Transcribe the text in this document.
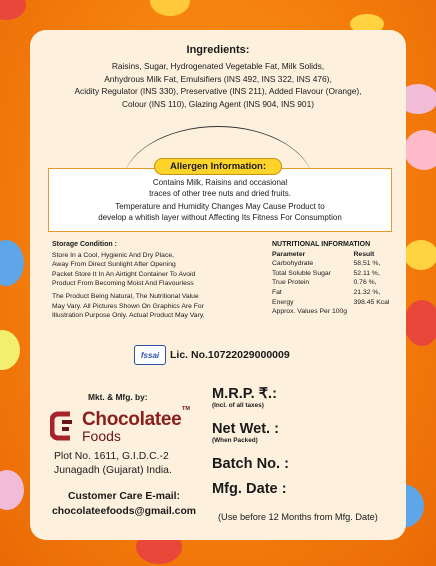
Ingredients:
Raisins, Sugar, Hydrogenated Vegetable Fat, Milk Solids,
Anhydrous Milk Fat, Emulsifiers (INS 492, INS 322, INS 476),
Acidity Regulator (INS 330), Preservative (INS 211), Added Flavour (Orange),
Colour (INS 110), Glazing Agent (INS 904, INS 901)
Allergen Information:

Contains Milk, Raisins and occasional
traces of other tree nuts and dried fruits.

Temperature and Humidity Changes May Cause Product to
develop a whitish layer without Affecting Its Fitness For Consumption

Storage Condition :

Store In a Cool, Hygienic And Dry Place,
Away From Direct Sunlight After Opening
Packet Store It In An Airtight Container To Avoid
Product From Becoming Moist And Flavourless

The Product Being Natural, The Nutritional Value
May Vary. All Pictures Shown On Graphics Are For
Illustration Purpose Only. Actual Product May Vary.

NUTRITIONAL INFORMATION
Parameter	Result
Carbohydrate	58.51 %,
Total Soluble Sugar	52.11 %,
True Protein	0.76 %,
Fat	21.32 %,
Energy	398.45 Kcal
Approx. Values Per 100g
fssai	Lic. No.10722029000009
Mkt. & Mfg. by:
Chocolatee TM
Foods
Plot No. 1611, G.I.D.C.-2
Junagadh (Gujarat) India.
Customer Care E-mail:
chocolateefoods@gmail.com
M.R.P. ₹.:
(Incl. of all taxes)
Net Wet. :
(When Packed)
Batch No. :
Mfg. Date :
(Use before 12 Months from Mfg. Date)
